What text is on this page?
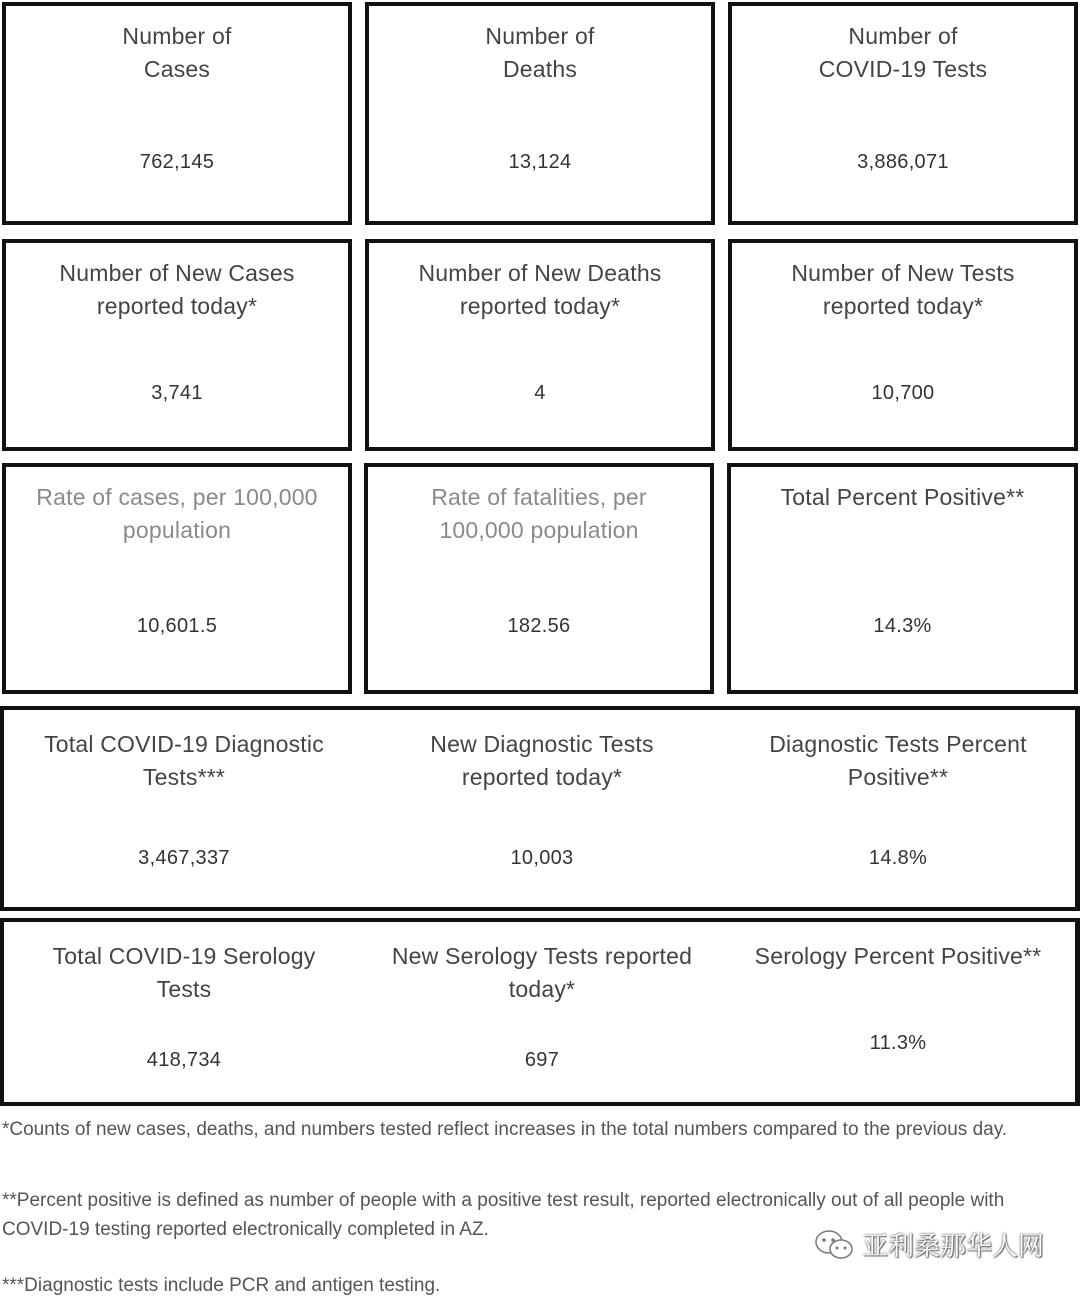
Number of
Cases
762,145
Number of
Deaths
13,124
Number of
COVID-19 Tests
3,886,071
Number of New Cases
reported today*
3,741
Number of New Deaths
reported today*
4
Number of New Tests
reported today*
10,700
Rate of cases, per 100,000
population
10,601.5
Rate of fatalities, per
100,000 population
182.56
Total Percent Positive**
14.3%
Total COVID-19 Diagnostic
Tests***
3,467,337
New Diagnostic Tests
reported today*
10,003
Diagnostic Tests Percent
Positive**
14.8%
Total COVID-19 Serology
Tests
418,734
New Serology Tests reported
today*
697
Serology Percent Positive**
11.3%
*Counts of new cases, deaths, and numbers tested reflect increases in the total numbers compared to the previous day.
**Percent positive is defined as number of people with a positive test result, reported electronically out of all people with COVID-19 testing reported electronically completed in AZ.
***Diagnostic tests include PCR and antigen testing.
亚利桑那华人网
